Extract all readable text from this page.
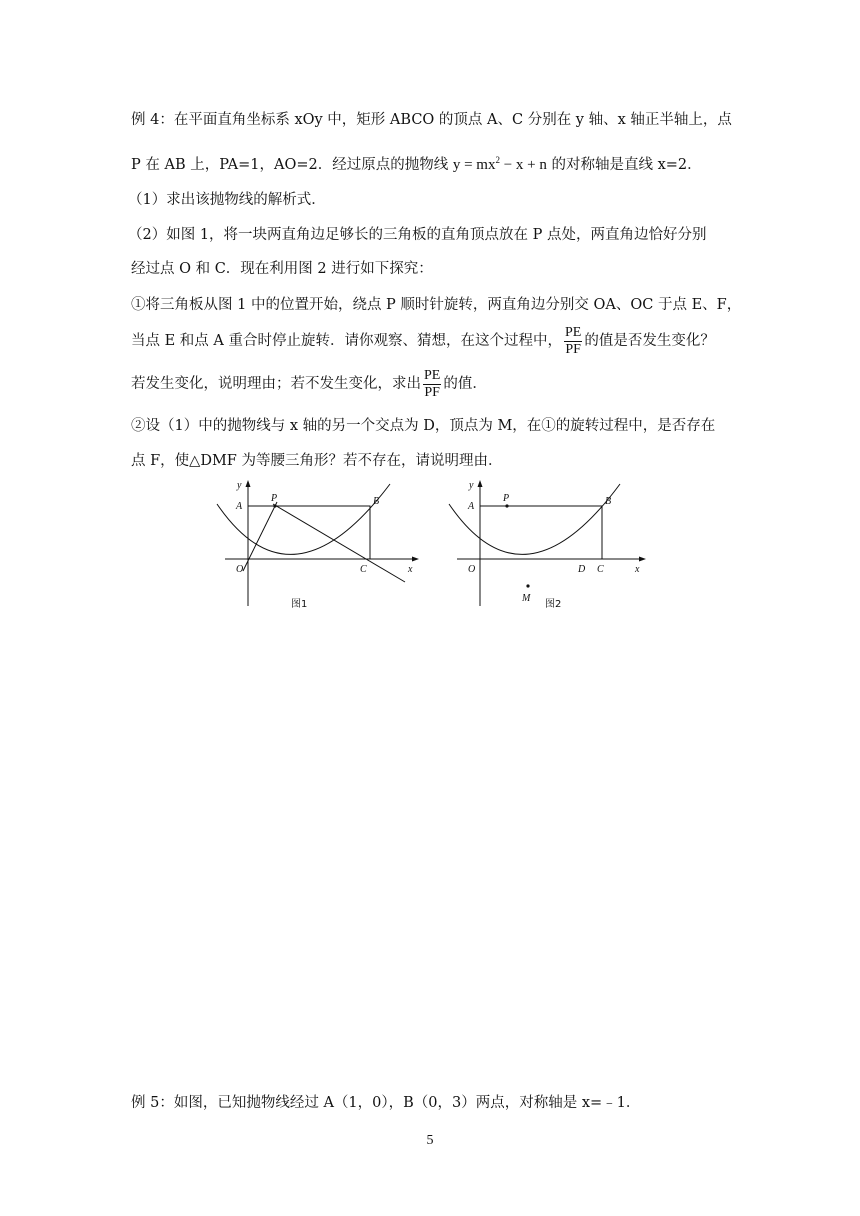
例 4：在平面直角坐标系 xOy 中，矩形 ABCO 的顶点 A、C 分别在 y 轴、x 轴正半轴上，点
P 在 AB 上，PA=1，AO=2．经过原点的抛物线 $y = mx^2 - x + n$ 的对称轴是直线 x=2．
（1）求出该抛物线的解析式．
（2）如图 1，将一块两直角边足够长的三角板的直角顶点放在 P 点处，两直角边恰好分别
经过点 O 和 C．现在利用图 2 进行如下探究：
①将三角板从图 1 中的位置开始，绕点 P 顺时针旋转，两直角边分别交 OA、OC 于点 E、F，
当点 E 和点 A 重合时停止旋转．请你观察、猜想，在这个过程中， $\frac{PE}{PF}$ 的值是否发生变化？
若发生变化，说明理由；若不发生变化，求出 $\frac{PE}{PF}$ 的值．
②设（1）中的抛物线与 x 轴的另一个交点为 D，顶点为 M，在①的旋转过程中，是否存在
点 F，使△DMF 为等腰三角形？若不存在，请说明理由．
y
A
P	B
O	C	x
图1
y
A
P	B
O	D C	x
M
图2
例 5：如图，已知抛物线经过 A（1，0），B（0，3）两点，对称轴是 x=﹣1．
5
